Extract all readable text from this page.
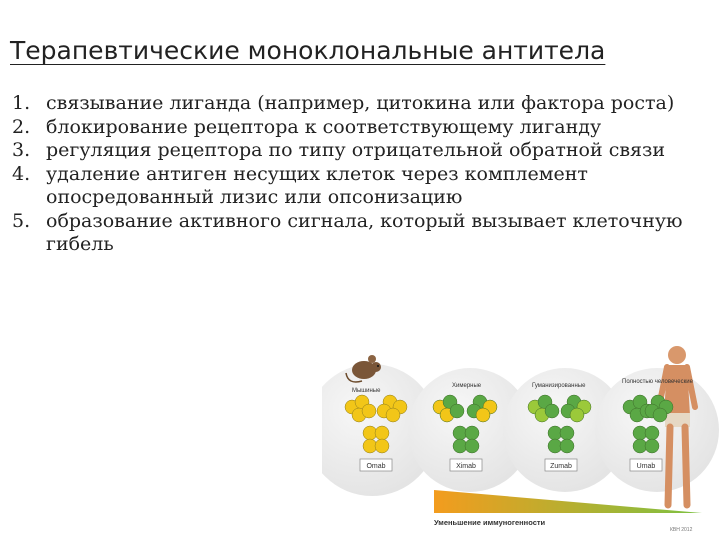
Терапевтические моноклональные антитела
1. связывание лиганда (например, цитокина или фактора роста)
2. блокирование рецептора к соответствующему лиганду
3. регуляция рецептора по типу отрицательной обратной связи
4. удаление антиген несущих клеток через комплемент опосредованный лизис или опсонизацию
5. образование активного сигнала, который вызывает клеточную гибель
Мышиные
Химерные	Гуманизированные
Полностью человеческие
Omab	Ximab	Zumab	Umab
Уменьшение иммуногенности
КВН 2012
